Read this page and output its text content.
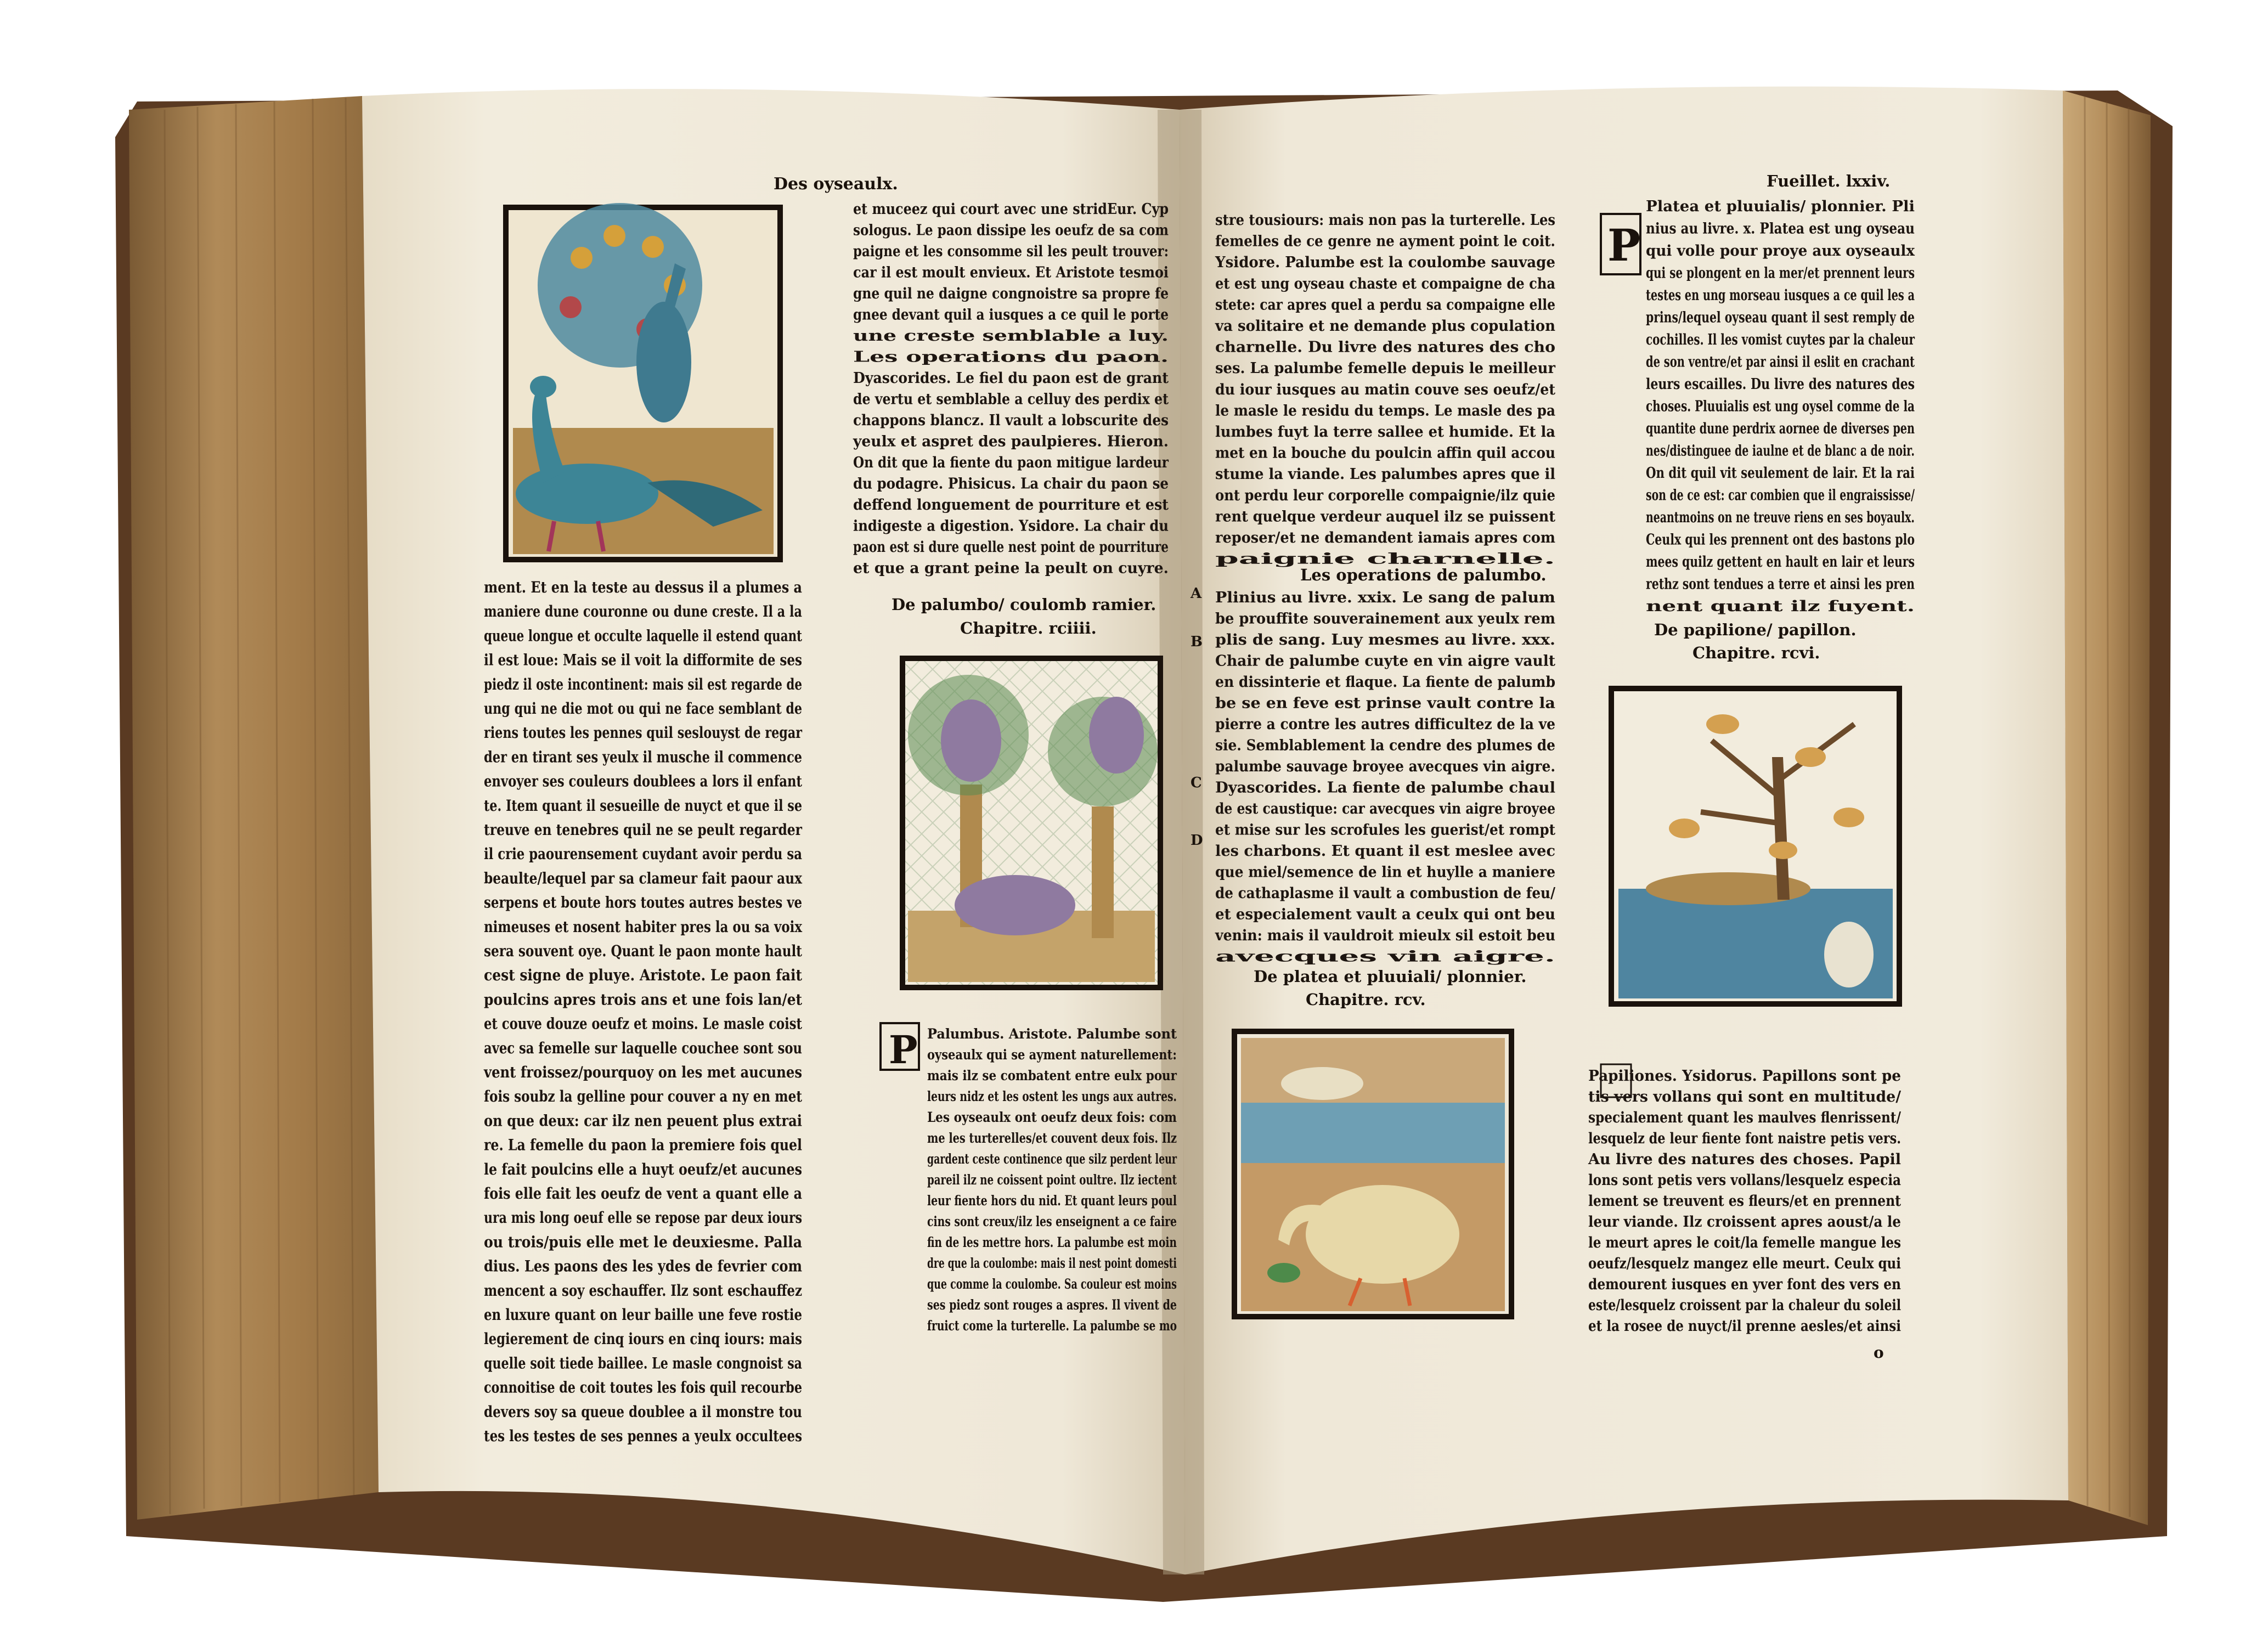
Des oyseaulx.
ment. Et en la teste au dessus il a plumes a
maniere dune couronne ou dune creste. Il a la
queue longue et occulte laquelle il estend quant
il est loue: Mais se il voit la difformite de ses
piedz il oste incontinent: mais sil est regarde de
ung qui ne die mot ou qui ne face semblant de
riens toutes les pennes quil seslouyst de regar
der en tirant ses yeulx il musche il commence
envoyer ses couleurs doublees a lors il enfant
te. Item quant il sesueille de nuyct et que il se
treuve en tenebres quil ne se peult regarder
il crie paourensement cuydant avoir perdu sa
beaulte/lequel par sa clameur fait paour aux
serpens et boute hors toutes autres bestes ve
nimeuses et nosent habiter pres la ou sa voix
sera souvent oye. Quant le paon monte hault
cest signe de pluye. Aristote. Le paon fait
poulcins apres trois ans et une fois lan/et
et couve douze oeufz et moins. Le masle coist
avec sa femelle sur laquelle couchee sont sou
vent froissez/pourquoy on les met aucunes
fois soubz la gelline pour couver a ny en met
on que deux: car ilz nen peuent plus extrai
re. La femelle du paon la premiere fois quel
le fait poulcins elle a huyt oeufz/et aucunes
fois elle fait les oeufz de vent a quant elle a
ura mis long oeuf elle se repose par deux iours
ou trois/puis elle met le deuxiesme. Palla
dius. Les paons des les ydes de fevrier com
mencent a soy eschauffer. Ilz sont eschauffez
en luxure quant on leur baille une feve rostie
legierement de cinq iours en cinq iours: mais
quelle soit tiede baillee. Le masle congnoist sa
connoitise de coit toutes les fois quil recourbe
devers soy sa queue doublee a il monstre tou
tes les testes de ses pennes a yeulx occultees
et muceez qui court avec une stridEur. Cyp
sologus. Le paon dissipe les oeufz de sa com
paigne et les consomme sil les peult trouver:
car il est moult envieux. Et Aristote tesmoi
gne quil ne daigne congnoistre sa propre fe
gnee devant quil a iusques a ce quil le porte
une creste semblable a luy.
Les operations du paon.
Dyascorides. Le fiel du paon est de grant
de vertu et semblable a celluy des perdix et
chappons blancz. Il vault a lobscurite des
yeulx et aspret des paulpieres. Hieron.
On dit que la fiente du paon mitigue lardeur
du podagre. Phisicus. La chair du paon se
deffend longuement de pourriture et est
indigeste a digestion. Ysidore. La chair du
paon est si dure quelle nest point de pourriture
et que a grant peine la peult on cuyre.
De palumbo/ coulomb ramier.
Chapitre. rciiii.
P Palumbus. Aristote. Palumbe sont
oyseaulx qui se ayment naturellement:
mais ilz se combatent entre eulx pour
leurs nidz et les ostent les ungs aux autres.
Les oyseaulx ont oeufz deux fois: com
me les turterelles/et couvent deux fois. Ilz
gardent ceste continence que silz perdent leur
pareil ilz ne coissent point oultre. Ilz iectent
leur fiente hors du nid. Et quant leurs poul
cins sont creux/ilz les enseignent a ce faire
fin de les mettre hors. La palumbe est moin
dre que la coulombe: mais il nest point domesti
que comme la coulombe. Sa couleur est moins
ses piedz sont rouges a aspres. Il vivent de
fruict come la turterelle. La palumbe se mo
Fueillet. lxxiv.
stre tousiours: mais non pas la turterelle. Les
femelles de ce genre ne ayment point le coit.
Ysidore. Palumbe est la coulombe sauvage
et est ung oyseau chaste et compaigne de cha
stete: car apres quel a perdu sa compaigne elle
va solitaire et ne demande plus copulation
charnelle. Du livre des natures des cho
ses. La palumbe femelle depuis le meilleur
du iour iusques au matin couve ses oeufz/et
le masle le residu du temps. Le masle des pa
lumbes fuyt la terre sallee et humide. Et la
met en la bouche du poulcin affin quil accou
stume la viande. Les palumbes apres que il
ont perdu leur corporelle compaignie/ilz quie
rent quelque verdeur auquel ilz se puissent
reposer/et ne demandent iamais apres com
paignie charnelle.
Les operations de palumbo.
Plinius au livre. xxix. Le sang de palum
be prouffite souverainement aux yeulx rem
plis de sang. Luy mesmes au livre. xxx.
Chair de palumbe cuyte en vin aigre vault
en dissinterie et flaque. La fiente de palumb
be se en feve est prinse vault contre la
pierre a contre les autres difficultez de la ve
sie. Semblablement la cendre des plumes de
palumbe sauvage broyee avecques vin aigre.
Dyascorides. La fiente de palumbe chaul
de est caustique: car avecques vin aigre broyee
et mise sur les scrofules les guerist/et rompt
les charbons. Et quant il est meslee avec
que miel/semence de lin et huylle a maniere
de cathaplasme il vault a combustion de feu/
et especialement vault a ceulx qui ont beu
venin: mais il vauldroit mieulx sil estoit beu
avecques vin aigre.
A
B
C
D
De platea et pluuiali/ plonnier.
Chapitre. rcv.
P
Platea et pluuialis/ plonnier. Pli
nius au livre. x. Platea est ung oyseau
qui volle pour proye aux oyseaulx
qui se plongent en la mer/et prennent leurs
testes en ung morseau iusques a ce quil les a
prins/lequel oyseau quant il sest remply de
cochilles. Il les vomist cuytes par la chaleur
de son ventre/et par ainsi il eslit en crachant
leurs escailles. Du livre des natures des
choses. Pluuialis est ung oysel comme de la
quantite dune perdrix aornee de diverses pen
nes/distinguee de iaulne et de blanc a de noir.
On dit quil vit seulement de lair. Et la rai
son de ce est: car combien que il engraississe/
neantmoins on ne treuve riens en ses boyaulx.
Ceulx qui les prennent ont des bastons plo
mees quilz gettent en hault en lair et leurs
rethz sont tendues a terre et ainsi les pren
nent quant ilz fuyent.
De papilione/ papillon.
Chapitre. rcvi.
Papiliones. Ysidorus. Papillons sont pe
tis vers vollans qui sont en multitude/
specialement quant les maulves flenrissent/
lesquelz de leur fiente font naistre petis vers.
Au livre des natures des choses. Papil
lons sont petis vers vollans/lesquelz especia
lement se treuvent es fleurs/et en prennent
leur viande. Ilz croissent apres aoust/a le
le meurt apres le coit/la femelle mangue les
oeufz/lesquelz mangez elle meurt. Ceulx qui
demourent iusques en yver font des vers en
este/lesquelz croissent par la chaleur du soleil
et la rosee de nuyct/il prenne aesles/et ainsi
o
